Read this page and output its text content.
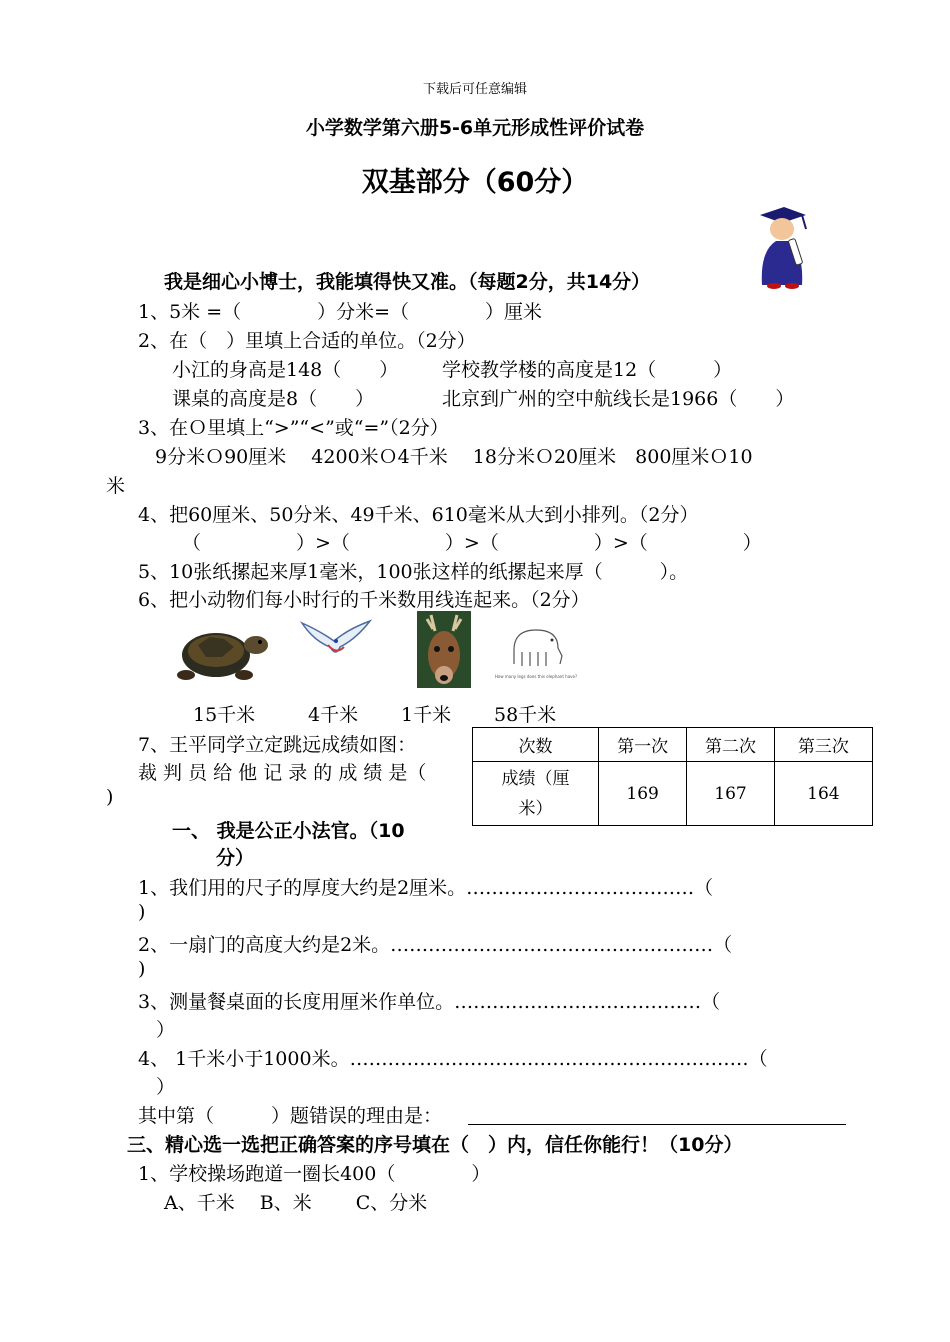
下载后可任意编辑
小学数学第六册5-6单元形成性评价试卷
双基部分（60分）
我是细心小博士，我能填得快又准。（每题2分，共14分）
1、5米 =（　　　　）分米=（　　　　）厘米
2、在（　）里填上合适的单位。（2分）
小江的身高是148（　　） 学校教学楼的高度是12（　　　）
课桌的高度是8（　　）	北京到广州的空中航线长是1966（　　）
3、在Ｏ里填上“>”“<”或“=”（2分）
9分米Ｏ90厘米　 4200米Ｏ4千米　 18分米Ｏ20厘米　800厘米Ｏ10
米
4、把60厘米、50分米、49千米、610毫米从大到小排列。（2分）
（　　　　　）>（　　　　　）>（　　　　　）>（　　　　　）
5、10张纸摞起来厚1毫米，100张这样的纸摞起来厚（　　　）。
6、把小动物们每小时行的千米数用线连起来。（2分）
How many legs does this elephant have?
15千米	4千米 1千米 58千米
7、王平同学立定跳远成绩如图：
裁 判 员 给 他 记 录 的 成 绩 是（
)
次数	第一次	第二次	第三次

成绩（厘
米）	169	167	164
一、 我是公正小法官。（10
分）
1、我们用的尺子的厚度大约是2厘米。………………………………（
)
2、一扇门的高度大约是2米。……………………………………………（
)
3、测量餐桌面的长度用厘米作单位。…………………………………（
）
4、 1千米小于1000米。………………………………………………………（
）
其中第（　　　）题错误的理由是：
三、精心选一选把正确答案的序号填在（　）内，信任你能行！（10分）
1、学校操场跑道一圈长400（　　　　）
A、千米　 B、米　　 C、分米
